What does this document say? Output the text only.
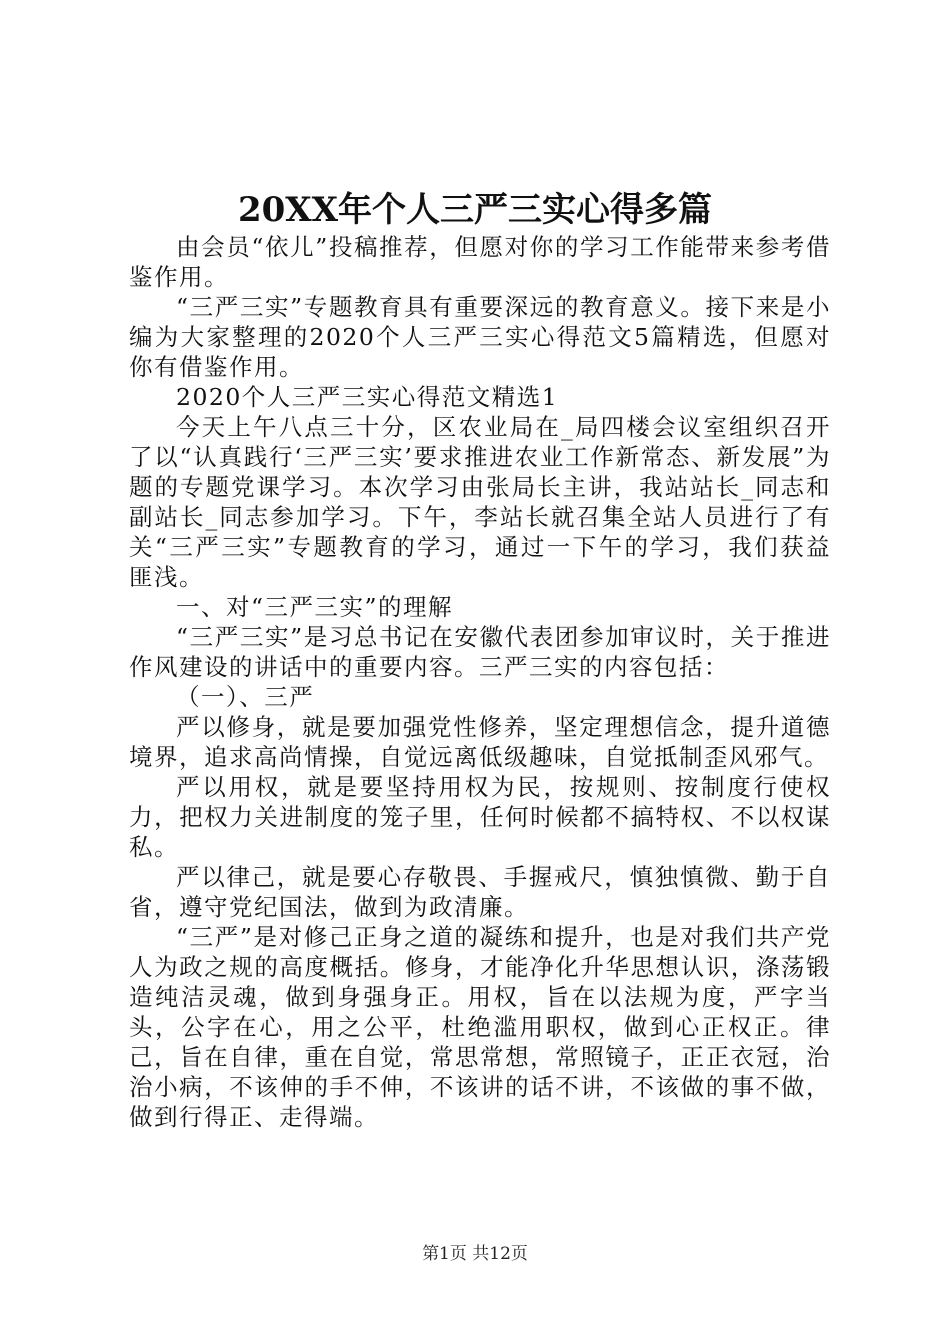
20XX年个人三严三实心得多篇

由会员“依儿”投稿推荐，但愿对你的学习工作能带来参考借鉴作用。

“三严三实”专题教育具有重要深远的教育意义。接下来是小编为大家整理的2020个人三严三实心得范文5篇精选，但愿对你有借鉴作用。

2020个人三严三实心得范文精选1

今天上午八点三十分，区农业局在_局四楼会议室组织召开了以“认真践行‘三严三实’要求推进农业工作新常态、新发展”为题的专题党课学习。本次学习由张局长主讲，我站站长_同志和副站长_同志参加学习。下午，李站长就召集全站人员进行了有关“三严三实”专题教育的学习，通过一下午的学习，我们获益匪浅。

一、对“三严三实”的理解

“三严三实”是习总书记在安徽代表团参加审议时，关于推进作风建设的讲话中的重要内容。三严三实的内容包括：

（一）、三严

严以修身，就是要加强党性修养，坚定理想信念，提升道德境界，追求高尚情操，自觉远离低级趣味，自觉抵制歪风邪气。

严以用权，就是要坚持用权为民，按规则、按制度行使权力，把权力关进制度的笼子里，任何时候都不搞特权、不以权谋私。

严以律己，就是要心存敬畏、手握戒尺，慎独慎微、勤于自省，遵守党纪国法，做到为政清廉。

“三严”是对修己正身之道的凝练和提升，也是对我们共产党人为政之规的高度概括。修身，才能净化升华思想认识，涤荡锻造纯洁灵魂，做到身强身正。用权，旨在以法规为度，严字当头，公字在心，用之公平，杜绝滥用职权，做到心正权正。律己，旨在自律，重在自觉，常思常想，常照镜子，正正衣冠，治治小病，不该伸的手不伸，不该讲的话不讲，不该做的事不做，做到行得正、走得端。

第1页 共12页
